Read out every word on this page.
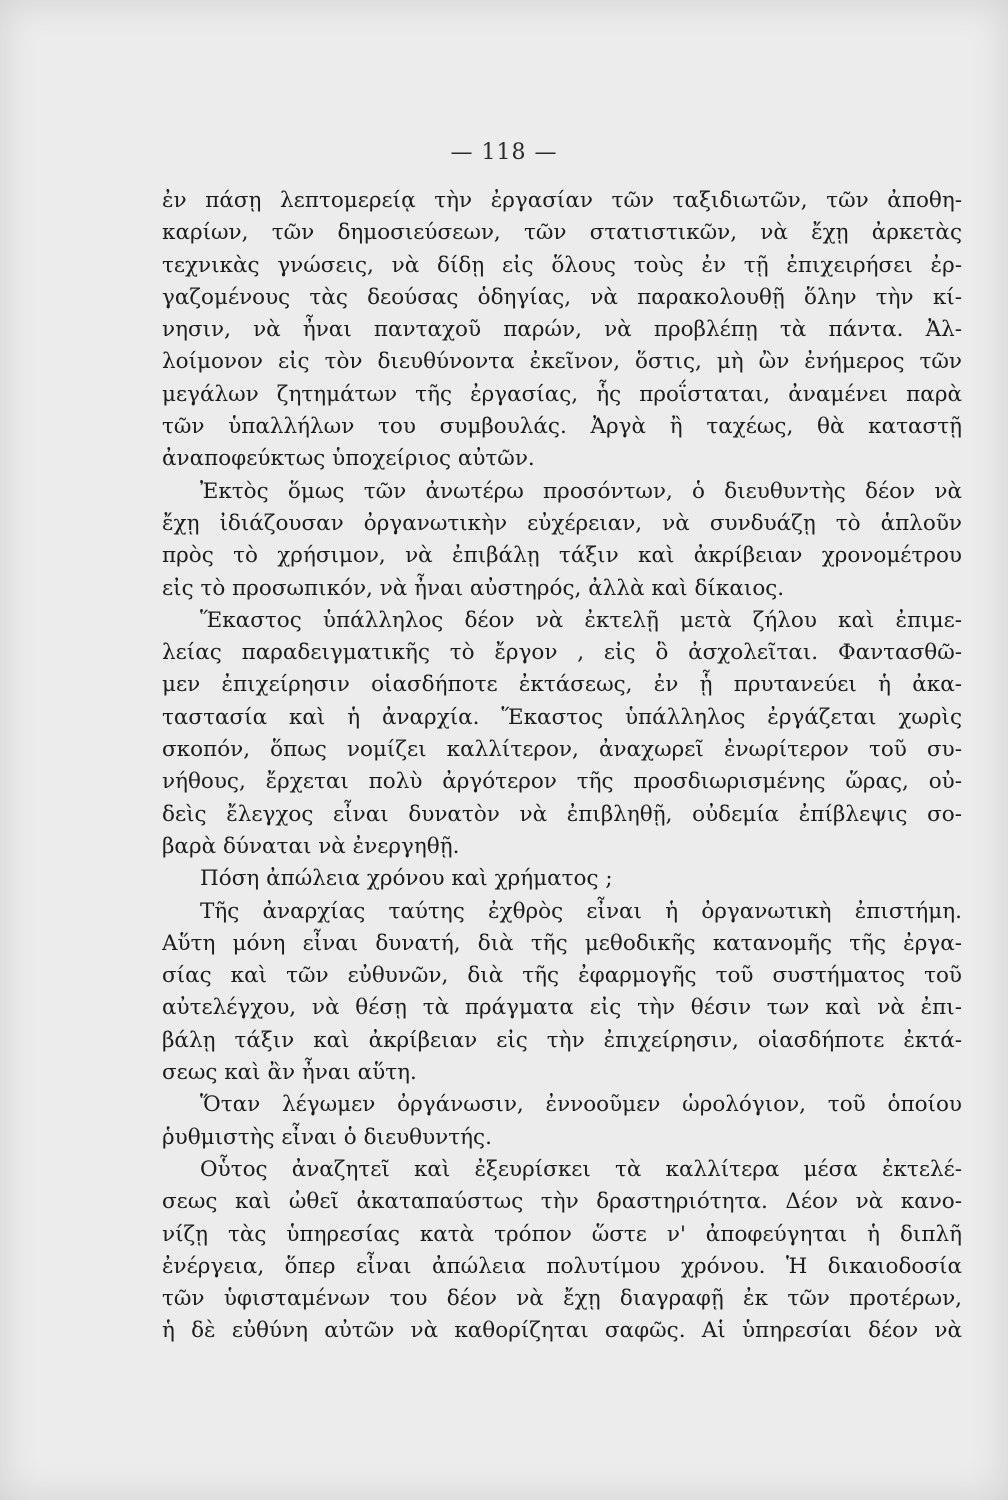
— 118 —
ἐν πάσῃ λεπτομερείᾳ τὴν ἐργασίαν τῶν ταξιδιωτῶν, τῶν ἀποθη-
καρίων, τῶν δημοσιεύσεων, τῶν στατιστικῶν, νὰ ἔχῃ ἀρκετὰς
τεχνικὰς γνώσεις, νὰ δίδῃ εἰς ὅλους τοὺς ἐν τῇ ἐπιχειρήσει ἐρ-
γαζομένους τὰς δεούσας ὁδηγίας, νὰ παρακολουθῇ ὅλην τὴν κί-
νησιν, νὰ ἦναι πανταχοῦ παρών, νὰ προβλέπῃ τὰ πάντα. Ἀλ-
λοίμονον εἰς τὸν διευθύνοντα ἐκεῖνον, ὅστις, μὴ ὢν ἐνήμερος τῶν
μεγάλων ζητημάτων τῆς ἐργασίας, ἧς προΐσταται, ἀναμένει παρὰ
τῶν ὑπαλλήλων του συμβουλάς. Ἀργὰ ἢ ταχέως, θὰ καταστῇ
ἀναποφεύκτως ὑποχείριος αὐτῶν.
Ἐκτὸς ὅμως τῶν ἀνωτέρω προσόντων, ὁ διευθυντὴς δέον νὰ
ἔχῃ ἰδιάζουσαν ὀργανωτικὴν εὐχέρειαν, νὰ συνδυάζῃ τὸ ἁπλοῦν
πρὸς τὸ χρήσιμον, νὰ ἐπιβάλῃ τάξιν καὶ ἀκρίβειαν χρονομέτρου
εἰς τὸ προσωπικόν, νὰ ἦναι αὐστηρός, ἀλλὰ καὶ δίκαιος.
Ἕκαστος ὑπάλληλος δέον νὰ ἐκτελῇ μετὰ ζήλου καὶ ἐπιμε-
λείας παραδειγματικῆς τὸ ἔργον , εἰς ὃ ἀσχολεῖται. Φαντασθῶ-
μεν ἐπιχείρησιν οἱασδήποτε ἐκτάσεως, ἐν ᾗ πρυτανεύει ἡ ἀκα-
ταστασία καὶ ἡ ἀναρχία. Ἕκαστος ὑπάλληλος ἐργάζεται χωρὶς
σκοπόν, ὅπως νομίζει καλλίτερον, ἀναχωρεῖ ἐνωρίτερον τοῦ συ-
νήθους, ἔρχεται πολὺ ἀργότερον τῆς προσδιωρισμένης ὥρας, οὐ-
δεὶς ἔλεγχος εἶναι δυνατὸν νὰ ἐπιβληθῇ, οὐδεμία ἐπίβλεψις σο-
βαρὰ δύναται νὰ ἐνεργηθῇ.
Πόση ἀπώλεια χρόνου καὶ χρήματος ;
Τῆς ἀναρχίας ταύτης ἐχθρὸς εἶναι ἡ ὀργανωτικὴ ἐπιστήμη.
Αὕτη μόνη εἶναι δυνατή, διὰ τῆς μεθοδικῆς κατανομῆς τῆς ἐργα-
σίας καὶ τῶν εὐθυνῶν, διὰ τῆς ἐφαρμογῆς τοῦ συστήματος τοῦ
αὐτελέγχου, νὰ θέσῃ τὰ πράγματα εἰς τὴν θέσιν των καὶ νὰ ἐπι-
βάλῃ τάξιν καὶ ἀκρίβειαν εἰς τὴν ἐπιχείρησιν, οἱασδήποτε ἐκτά-
σεως καὶ ἂν ἦναι αὕτη.
Ὅταν λέγωμεν ὀργάνωσιν, ἐννοοῦμεν ὡρολόγιον, τοῦ ὁποίου
ῥυθμιστὴς εἶναι ὁ διευθυντής.
Οὗτος ἀναζητεῖ καὶ ἐξευρίσκει τὰ καλλίτερα μέσα ἐκτελέ-
σεως καὶ ὠθεῖ ἀκαταπαύστως τὴν δραστηριότητα. Δέον νὰ κανο-
νίζῃ τὰς ὑπηρεσίας κατὰ τρόπον ὥστε ν' ἀποφεύγηται ἡ διπλῆ
ἐνέργεια, ὅπερ εἶναι ἀπώλεια πολυτίμου χρόνου. Ἡ δικαιοδοσία
τῶν ὑφισταμένων του δέον νὰ ἔχῃ διαγραφῇ ἐκ τῶν προτέρων,
ἡ δὲ εὐθύνη αὐτῶν νὰ καθορίζηται σαφῶς. Αἱ ὑπηρεσίαι δέον νὰ
